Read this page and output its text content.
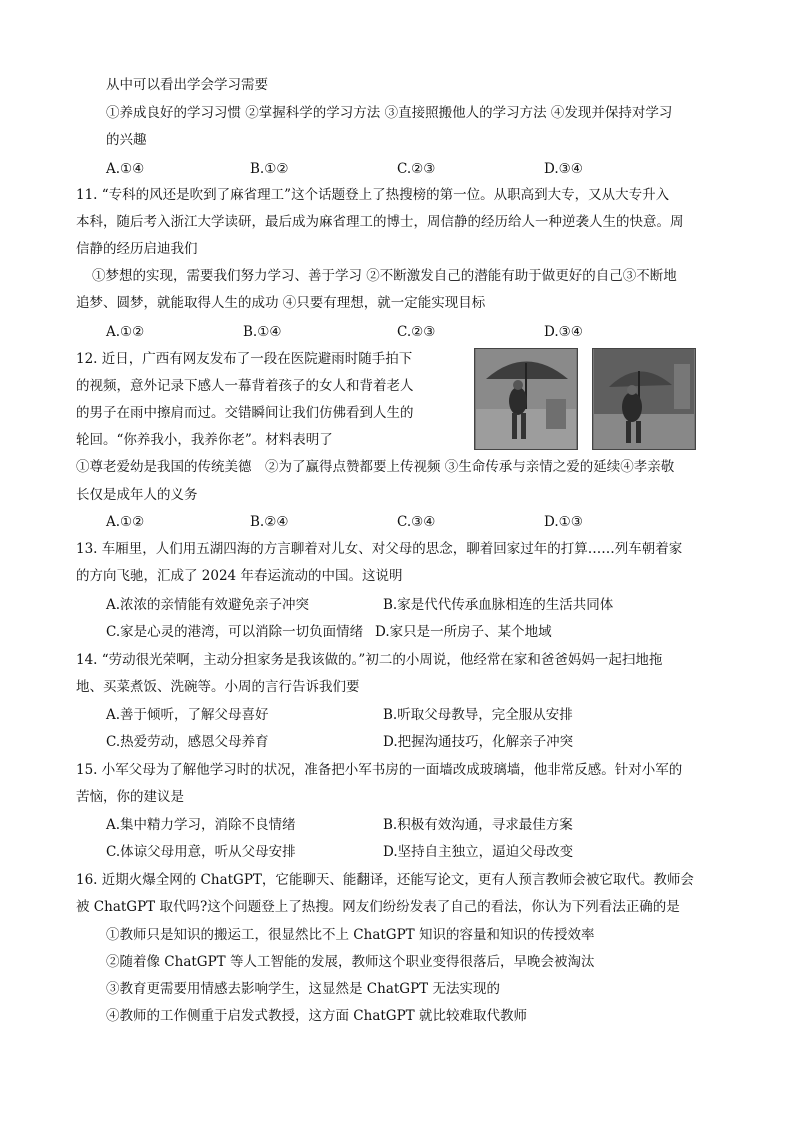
从中可以看出学会学习需要
①养成良好的学习习惯 ②掌握科学的学习方法 ③直接照搬他人的学习方法 ④发现并保持对学习
的兴趣
A.①④	B.①②	C.②③	D.③④
11. “专科的风还是吹到了麻省理工”这个话题登上了热搜榜的第一位。从职高到大专，又从大专升入
本科，随后考入浙江大学读研，最后成为麻省理工的博士，周信静的经历给人一种逆袭人生的快意。周
信静的经历启迪我们
①梦想的实现，需要我们努力学习、善于学习 ②不断激发自己的潜能有助于做更好的自己③不断地
追梦、圆梦，就能取得人生的成功 ④只要有理想，就一定能实现目标
A.①②	B.①④	C.②③	D.③④
12. 近日，广西有网友发布了一段在医院避雨时随手拍下
的视频，意外记录下感人一幕背着孩子的女人和背着老人
的男子在雨中擦肩而过。交错瞬间让我们仿佛看到人生的
轮回。“你养我小，我养你老”。材料表明了
①尊老爱幼是我国的传统美德　②为了赢得点赞都要上传视频 ③生命传承与亲情之爱的延续④孝亲敬
长仅是成年人的义务
A.①②	B.②④	C.③④	D.①③
13. 车厢里，人们用五湖四海的方言聊着对儿女、对父母的思念，聊着回家过年的打算……列车朝着家
的方向飞驰，汇成了 2024 年春运流动的中国。这说明
A.浓浓的亲情能有效避免亲子冲突	B.家是代代传承血脉相连的生活共同体
C.家是心灵的港湾，可以消除一切负面情绪 D.家只是一所房子、某个地域
14. “劳动很光荣啊，主动分担家务是我该做的。”初二的小周说，他经常在家和爸爸妈妈一起扫地拖
地、买菜煮饭、洗碗等。小周的言行告诉我们要
A.善于倾听，了解父母喜好	B.听取父母教导，完全服从安排
C.热爱劳动，感恩父母养育	D.把握沟通技巧，化解亲子冲突
15. 小军父母为了解他学习时的状况，准备把小军书房的一面墙改成玻璃墙，他非常反感。针对小军的
苦恼，你的建议是
A.集中精力学习，消除不良情绪	B.积极有效沟通，寻求最佳方案
C.体谅父母用意，听从父母安排	D.坚持自主独立，逼迫父母改变
16. 近期火爆全网的 ChatGPT，它能聊天、能翻译，还能写论文，更有人预言教师会被它取代。教师会
被 ChatGPT 取代吗?这个问题登上了热搜。网友们纷纷发表了自己的看法，你认为下列看法正确的是
①教师只是知识的搬运工，很显然比不上 ChatGPT 知识的容量和知识的传授效率
②随着像 ChatGPT 等人工智能的发展，教师这个职业变得很落后，早晚会被淘汰
③教育更需要用情感去影响学生，这显然是 ChatGPT 无法实现的
④教师的工作侧重于启发式教授，这方面 ChatGPT 就比较难取代教师
